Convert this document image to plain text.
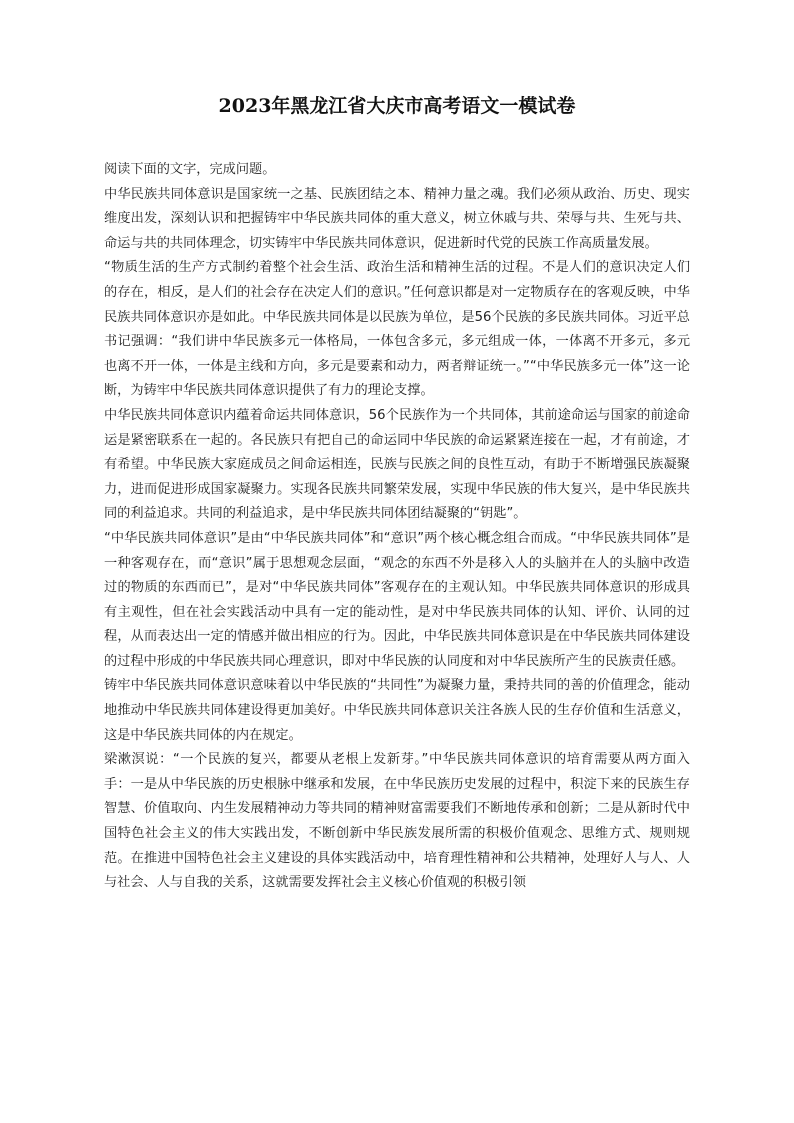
2023年黑龙江省大庆市高考语文一模试卷

阅读下面的文字，完成问题。

中华民族共同体意识是国家统一之基、民族团结之本、精神力量之魂。我们必须从政治、历史、现实维度出发，深刻认识和把握铸牢中华民族共同体的重大意义，树立休戚与共、荣辱与共、生死与共、命运与共的共同体理念，切实铸牢中华民族共同体意识，促进新时代党的民族工作高质量发展。

“物质生活的生产方式制约着整个社会生活、政治生活和精神生活的过程。不是人们的意识决定人们的存在，相反，是人们的社会存在决定人们的意识。”任何意识都是对一定物质存在的客观反映，中华民族共同体意识亦是如此。中华民族共同体是以民族为单位，是56个民族的多民族共同体。习近平总书记强调：“我们讲中华民族多元一体格局，一体包含多元，多元组成一体，一体离不开多元，多元也离不开一体，一体是主线和方向，多元是要素和动力，两者辩证统一。”“中华民族多元一体”这一论断，为铸牢中华民族共同体意识提供了有力的理论支撑。

中华民族共同体意识内蕴着命运共同体意识，56个民族作为一个共同体，其前途命运与国家的前途命运是紧密联系在一起的。各民族只有把自己的命运同中华民族的命运紧紧连接在一起，才有前途，才有希望。中华民族大家庭成员之间命运相连，民族与民族之间的良性互动，有助于不断增强民族凝聚力，进而促进形成国家凝聚力。实现各民族共同繁荣发展，实现中华民族的伟大复兴，是中华民族共同的利益追求。共同的利益追求，是中华民族共同体团结凝聚的“钥匙”。

“中华民族共同体意识”是由“中华民族共同体”和“意识”两个核心概念组合而成。“中华民族共同体”是一种客观存在，而“意识”属于思想观念层面，“观念的东西不外是移入人的头脑并在人的头脑中改造过的物质的东西而已”，是对“中华民族共同体”客观存在的主观认知。中华民族共同体意识的形成具有主观性，但在社会实践活动中具有一定的能动性，是对中华民族共同体的认知、评价、认同的过程，从而表达出一定的情感并做出相应的行为。因此，中华民族共同体意识是在中华民族共同体建设的过程中形成的中华民族共同心理意识，即对中华民族的认同度和对中华民族所产生的民族责任感。

铸牢中华民族共同体意识意味着以中华民族的“共同性”为凝聚力量，秉持共同的善的价值理念，能动地推动中华民族共同体建设得更加美好。中华民族共同体意识关注各族人民的生存价值和生活意义，这是中华民族共同体的内在规定。

梁漱溟说：“一个民族的复兴，都要从老根上发新芽。”中华民族共同体意识的培育需要从两方面入手：一是从中华民族的历史根脉中继承和发展，在中华民族历史发展的过程中，积淀下来的民族生存智慧、价值取向、内生发展精神动力等共同的精神财富需要我们不断地传承和创新；二是从新时代中国特色社会主义的伟大实践出发，不断创新中华民族发展所需的积极价值观念、思维方式、规则规范。在推进中国特色社会主义建设的具体实践活动中，培育理性精神和公共精神，处理好人与人、人与社会、人与自我的关系，这就需要发挥社会主义核心价值观的积极引领
